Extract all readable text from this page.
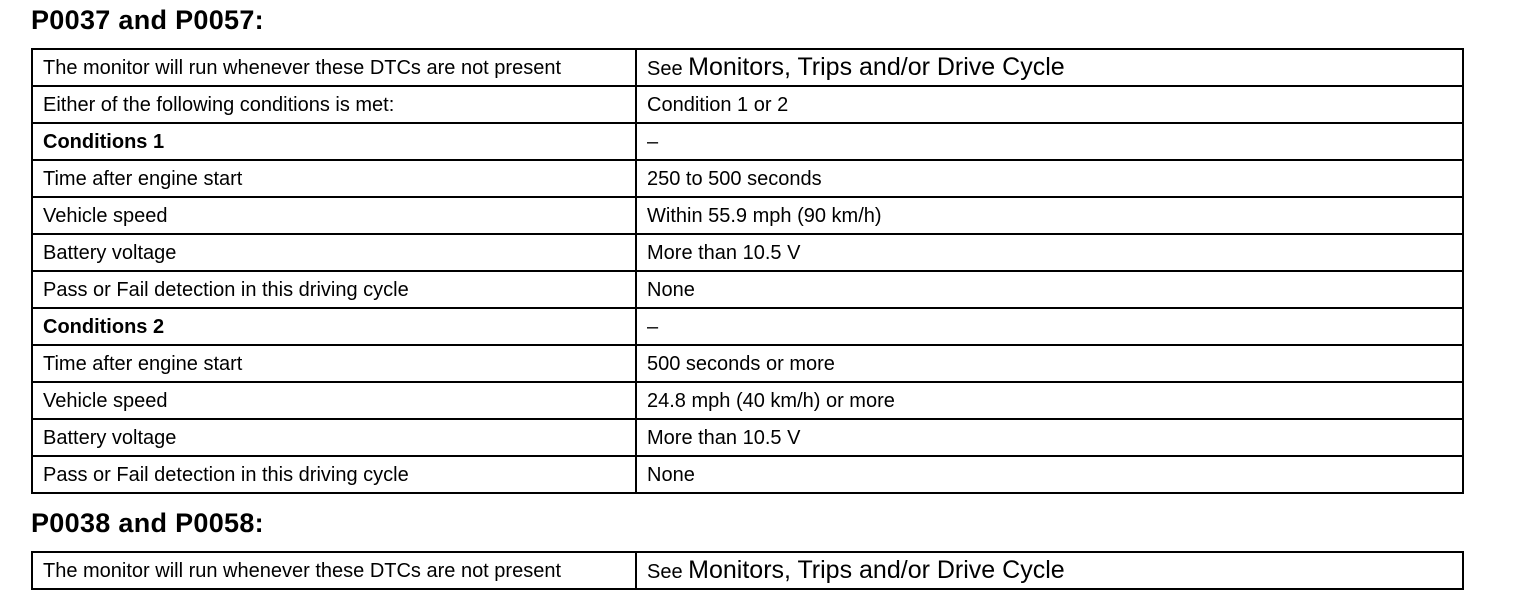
P0037 and P0057:
The monitor will run whenever these DTCs are not present	See Monitors, Trips and/or Drive Cycle
Either of the following conditions is met:	Condition 1 or 2
Conditions 1	–
Time after engine start	250 to 500 seconds
Vehicle speed	Within 55.9 mph (90 km/h)
Battery voltage	More than 10.5 V
Pass or Fail detection in this driving cycle	None
Conditions 2	–
Time after engine start	500 seconds or more
Vehicle speed	24.8 mph (40 km/h) or more
Battery voltage	More than 10.5 V
Pass or Fail detection in this driving cycle	None
P0038 and P0058:
The monitor will run whenever these DTCs are not present	See Monitors, Trips and/or Drive Cycle
